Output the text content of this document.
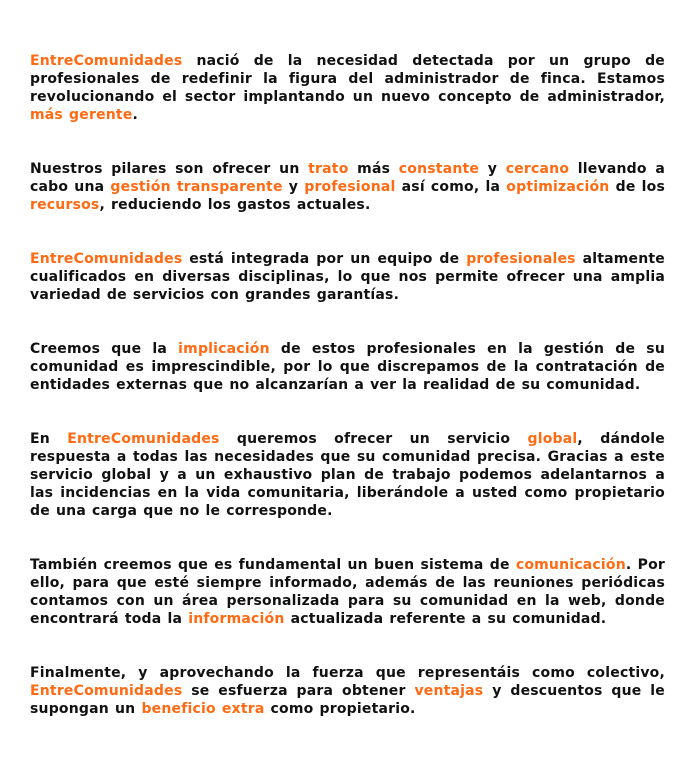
EntreComunidades nació de la necesidad detectada por un grupo de profesionales de redefinir la figura del administrador de finca. Estamos revolucionando el sector implantando un nuevo concepto de administrador, más gerente.

Nuestros pilares son ofrecer un trato más constante y cercano llevando a cabo una gestión transparente y profesional así como, la optimización de los recursos, reduciendo los gastos actuales.

EntreComunidades está integrada por un equipo de profesionales altamente cualificados en diversas disciplinas, lo que nos permite ofrecer una amplia variedad de servicios con grandes garantías.

Creemos que la implicación de estos profesionales en la gestión de su comunidad es imprescindible, por lo que discrepamos de la contratación de entidades externas que no alcanzarían a ver la realidad de su comunidad.

En EntreComunidades queremos ofrecer un servicio global, dándole respuesta a todas las necesidades que su comunidad precisa. Gracias a este servicio global y a un exhaustivo plan de trabajo podemos adelantarnos a las incidencias en la vida comunitaria, liberándole a usted como propietario de una carga que no le corresponde.

También creemos que es fundamental un buen sistema de comunicación. Por ello, para que esté siempre informado, además de las reuniones periódicas contamos con un área personalizada para su comunidad en la web, donde encontrará toda la información actualizada referente a su comunidad.

Finalmente, y aprovechando la fuerza que representáis como colectivo, EntreComunidades se esfuerza para obtener ventajas y descuentos que le supongan un beneficio extra como propietario.
